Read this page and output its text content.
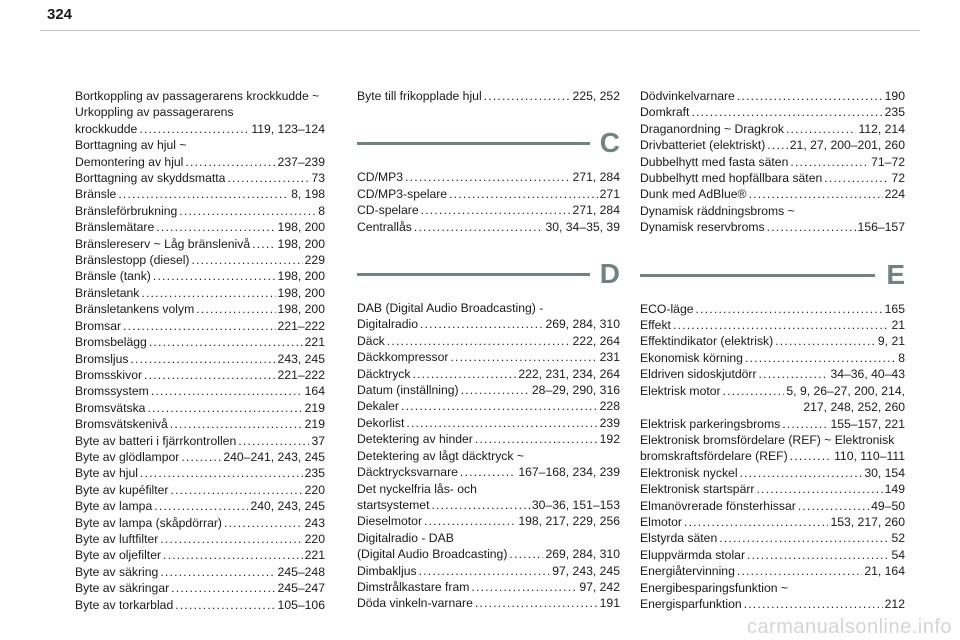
324
Bortkoppling av passagerarens krockkudde ~
Urkoppling av passagerarens
krockkudde .....	119, 123–124
Borttagning av hjul ~
Demontering av hjul .....	237–239
Borttagning av skyddsmatta .....	73
Bränsle .....	8, 198
Bränsleförbrukning .....	8
Bränslemätare .....	198, 200
Bränslereserv ~ Låg bränslenivå ..... 198, 200
Bränslestopp (diesel) .....	229
Bränsle (tank) .....	198, 200
Bränsletank .....	198, 200
Bränsletankens volym .....	198, 200
Bromsar .....	221–222
Bromsbelägg .....	221
Bromsljus .....	243, 245
Bromsskivor .....	221–222
Bromssystem .....	164
Bromsvätska .....	219
Bromsvätskenivå .....	219
Byte av batteri i fjärrkontrollen .....	37
Byte av glödlampor .....	240–241, 243, 245
Byte av hjul .....	235
Byte av kupéfilter .....	220
Byte av lampa .....	240, 243, 245
Byte av lampa (skåpdörrar) .....	243
Byte av luftfilter .....	220
Byte av oljefilter .....	221
Byte av säkring .....	245–248
Byte av säkringar .....	245–247
Byte av torkarblad .....	105–106
Byte till frikopplade hjul .....	225, 252
C
CD/MP3 .....	271, 284
CD/MP3-spelare .....	271
CD-spelare .....	271, 284
Centrallås .....	30, 34–35, 39
D
DAB (Digital Audio Broadcasting) -
Digitalradio .....	269, 284, 310
Däck .....	222, 264
Däckkompressor .....	231
Däcktryck .....	222, 231, 234, 264
Datum (inställning) .....	28–29, 290, 316
Dekaler .....	228
Dekorlist .....	239
Detektering av hinder .....	192
Detektering av lågt däcktryck ~
Däcktrycksvarnare .....	167–168, 234, 239
Det nyckelfria lås- och
startsystemet .....	30–36, 151–153
Dieselmotor .....	198, 217, 229, 256
Digitalradio - DAB
(Digital Audio Broadcasting) .....	269, 284, 310
Dimbakljus .....	97, 243, 245
Dimstrålkastare fram .....	97, 242
Döda vinkeln-varnare .....	191
Dödvinkelvarnare .....	190
Domkraft .....	235
Draganordning ~ Dragkrok .....	112, 214
Drivbatteriet (elektriskt) ..... 21, 27, 200–201, 260
Dubbelhytt med fasta säten .....	71–72
Dubbelhytt med hopfällbara säten .....	72
Dunk med AdBlue® .....	224
Dynamisk räddningsbroms ~
Dynamisk reservbroms .....	156–157
E
ECO-läge .....	165
Effekt .....	21
Effektindikator (elektrisk) .....	9, 21
Ekonomisk körning .....	8
Eldriven sidoskjutdörr .....	34–36, 40–43
Elektrisk motor .....	5, 9, 26–27, 200, 214,
217, 248, 252, 260
Elektrisk parkeringsbroms .....	155–157, 221
Elektronisk bromsfördelare (REF) ~ Elektronisk
bromskraftsfördelare (REF) .....	110, 110–111
Elektronisk nyckel .....	30, 154
Elektronisk startspärr .....	149
Elmanövrerade fönsterhissar .....	49–50
Elmotor .....	153, 217, 260
Elstyrda säten .....	52
Eluppvärmda stolar .....	54
Energiåtervinning .....	21, 164
Energibesparingsfunktion ~
Energisparfunktion .....	212
carmanualsonline.info
